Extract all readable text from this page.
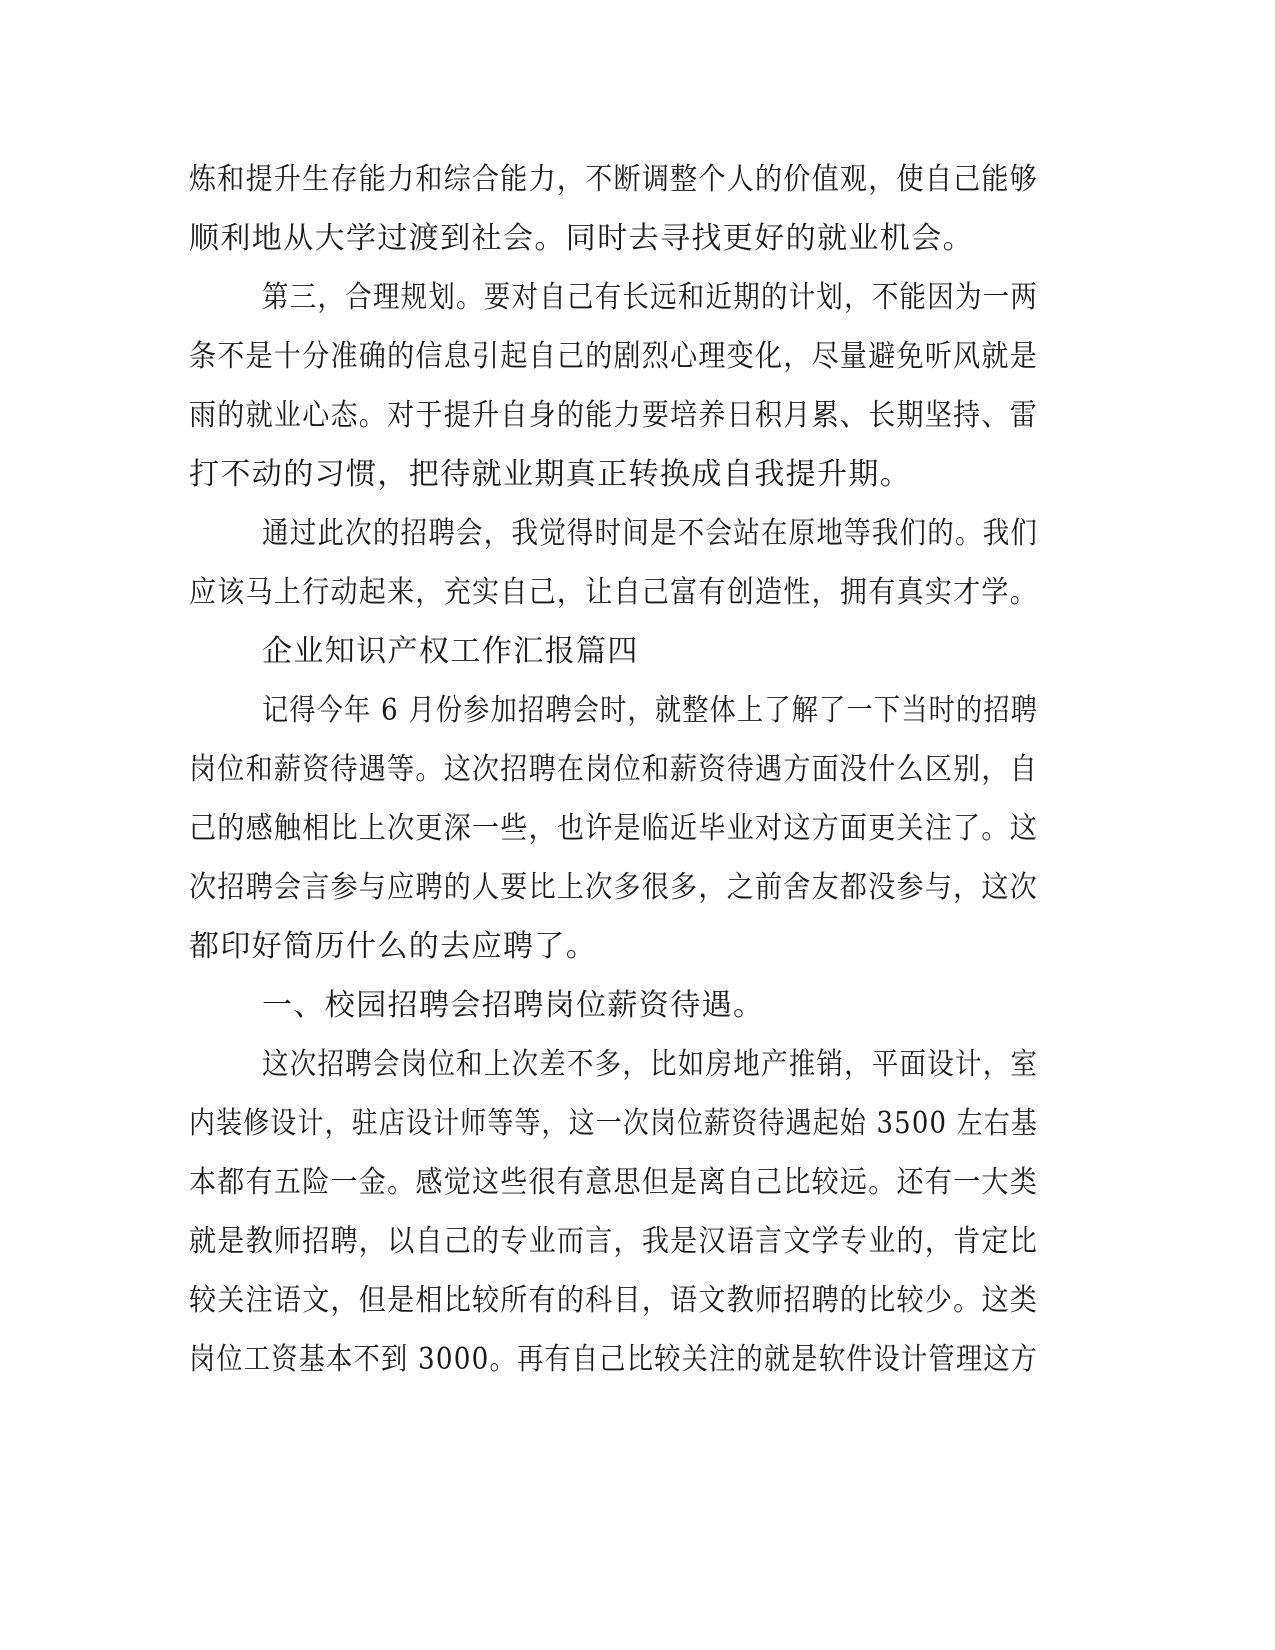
炼和提升生存能力和综合能力，不断调整个人的价值观，使自己能够

顺利地从大学过渡到社会。同时去寻找更好的就业机会。

第三，合理规划。要对自己有长远和近期的计划，不能因为一两

条不是十分准确的信息引起自己的剧烈心理变化，尽量避免听风就是

雨的就业心态。对于提升自身的能力要培养日积月累、长期坚持、雷

打不动的习惯，把待就业期真正转换成自我提升期。

通过此次的招聘会，我觉得时间是不会站在原地等我们的。我们

应该马上行动起来，充实自己，让自己富有创造性，拥有真实才学。

企业知识产权工作汇报篇四

记得今年 6 月份参加招聘会时，就整体上了解了一下当时的招聘

岗位和薪资待遇等。这次招聘在岗位和薪资待遇方面没什么区别，自

己的感触相比上次更深一些，也许是临近毕业对这方面更关注了。这

次招聘会言参与应聘的人要比上次多很多，之前舍友都没参与，这次

都印好简历什么的去应聘了。

一、校园招聘会招聘岗位薪资待遇。

这次招聘会岗位和上次差不多，比如房地产推销，平面设计，室

内装修设计，驻店设计师等等，这一次岗位薪资待遇起始 3500 左右基

本都有五险一金。感觉这些很有意思但是离自己比较远。还有一大类

就是教师招聘，以自己的专业而言，我是汉语言文学专业的，肯定比

较关注语文，但是相比较所有的科目，语文教师招聘的比较少。这类

岗位工资基本不到 3000。再有自己比较关注的就是软件设计管理这方
